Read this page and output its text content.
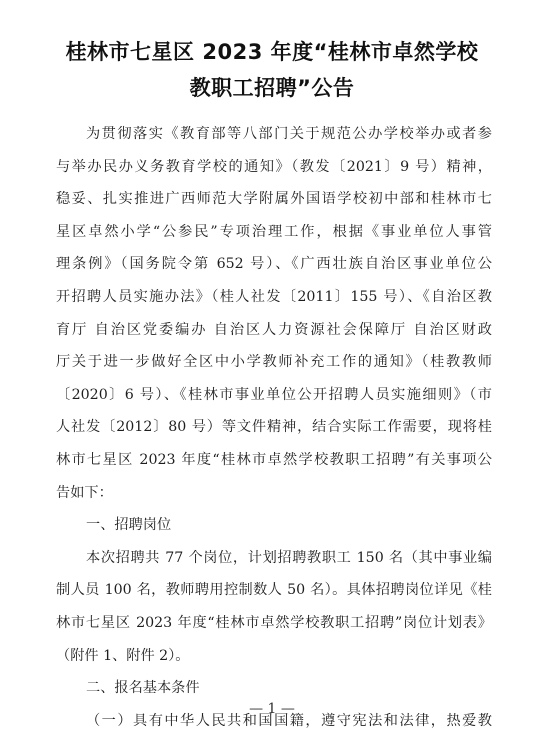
桂林市七星区 2023 年度“桂林市卓然学校
教职工招聘”公告
为贯彻落实《教育部等八部门关于规范公办学校举办或者参
与举办民办义务教育学校的通知》（教发〔2021〕9 号）精神，
稳妥、扎实推进广西师范大学附属外国语学校初中部和桂林市七
星区卓然小学“公参民”专项治理工作，根据《事业单位人事管
理条例》（国务院令第 652 号）、《广西壮族自治区事业单位公
开招聘人员实施办法》（桂人社发〔2011〕155 号）、《自治区教
育厅 自治区党委编办 自治区人力资源社会保障厅 自治区财政
厅关于进一步做好全区中小学教师补充工作的通知》（桂教教师
〔2020〕6 号）、《桂林市事业单位公开招聘人员实施细则》（市
人社发〔2012〕80 号）等文件精神，结合实际工作需要，现将桂
林市七星区 2023 年度“桂林市卓然学校教职工招聘”有关事项公
告如下：
一、招聘岗位
本次招聘共 77 个岗位，计划招聘教职工 150 名（其中事业编
制人员 100 名，教师聘用控制数人 50 名）。具体招聘岗位详见《桂
林市七星区 2023 年度“桂林市卓然学校教职工招聘”岗位计划表》
（附件 1、附件 2）。
二、报名基本条件
（一）具有中华人民共和国国籍，遵守宪法和法律，热爱教
— 1 —
